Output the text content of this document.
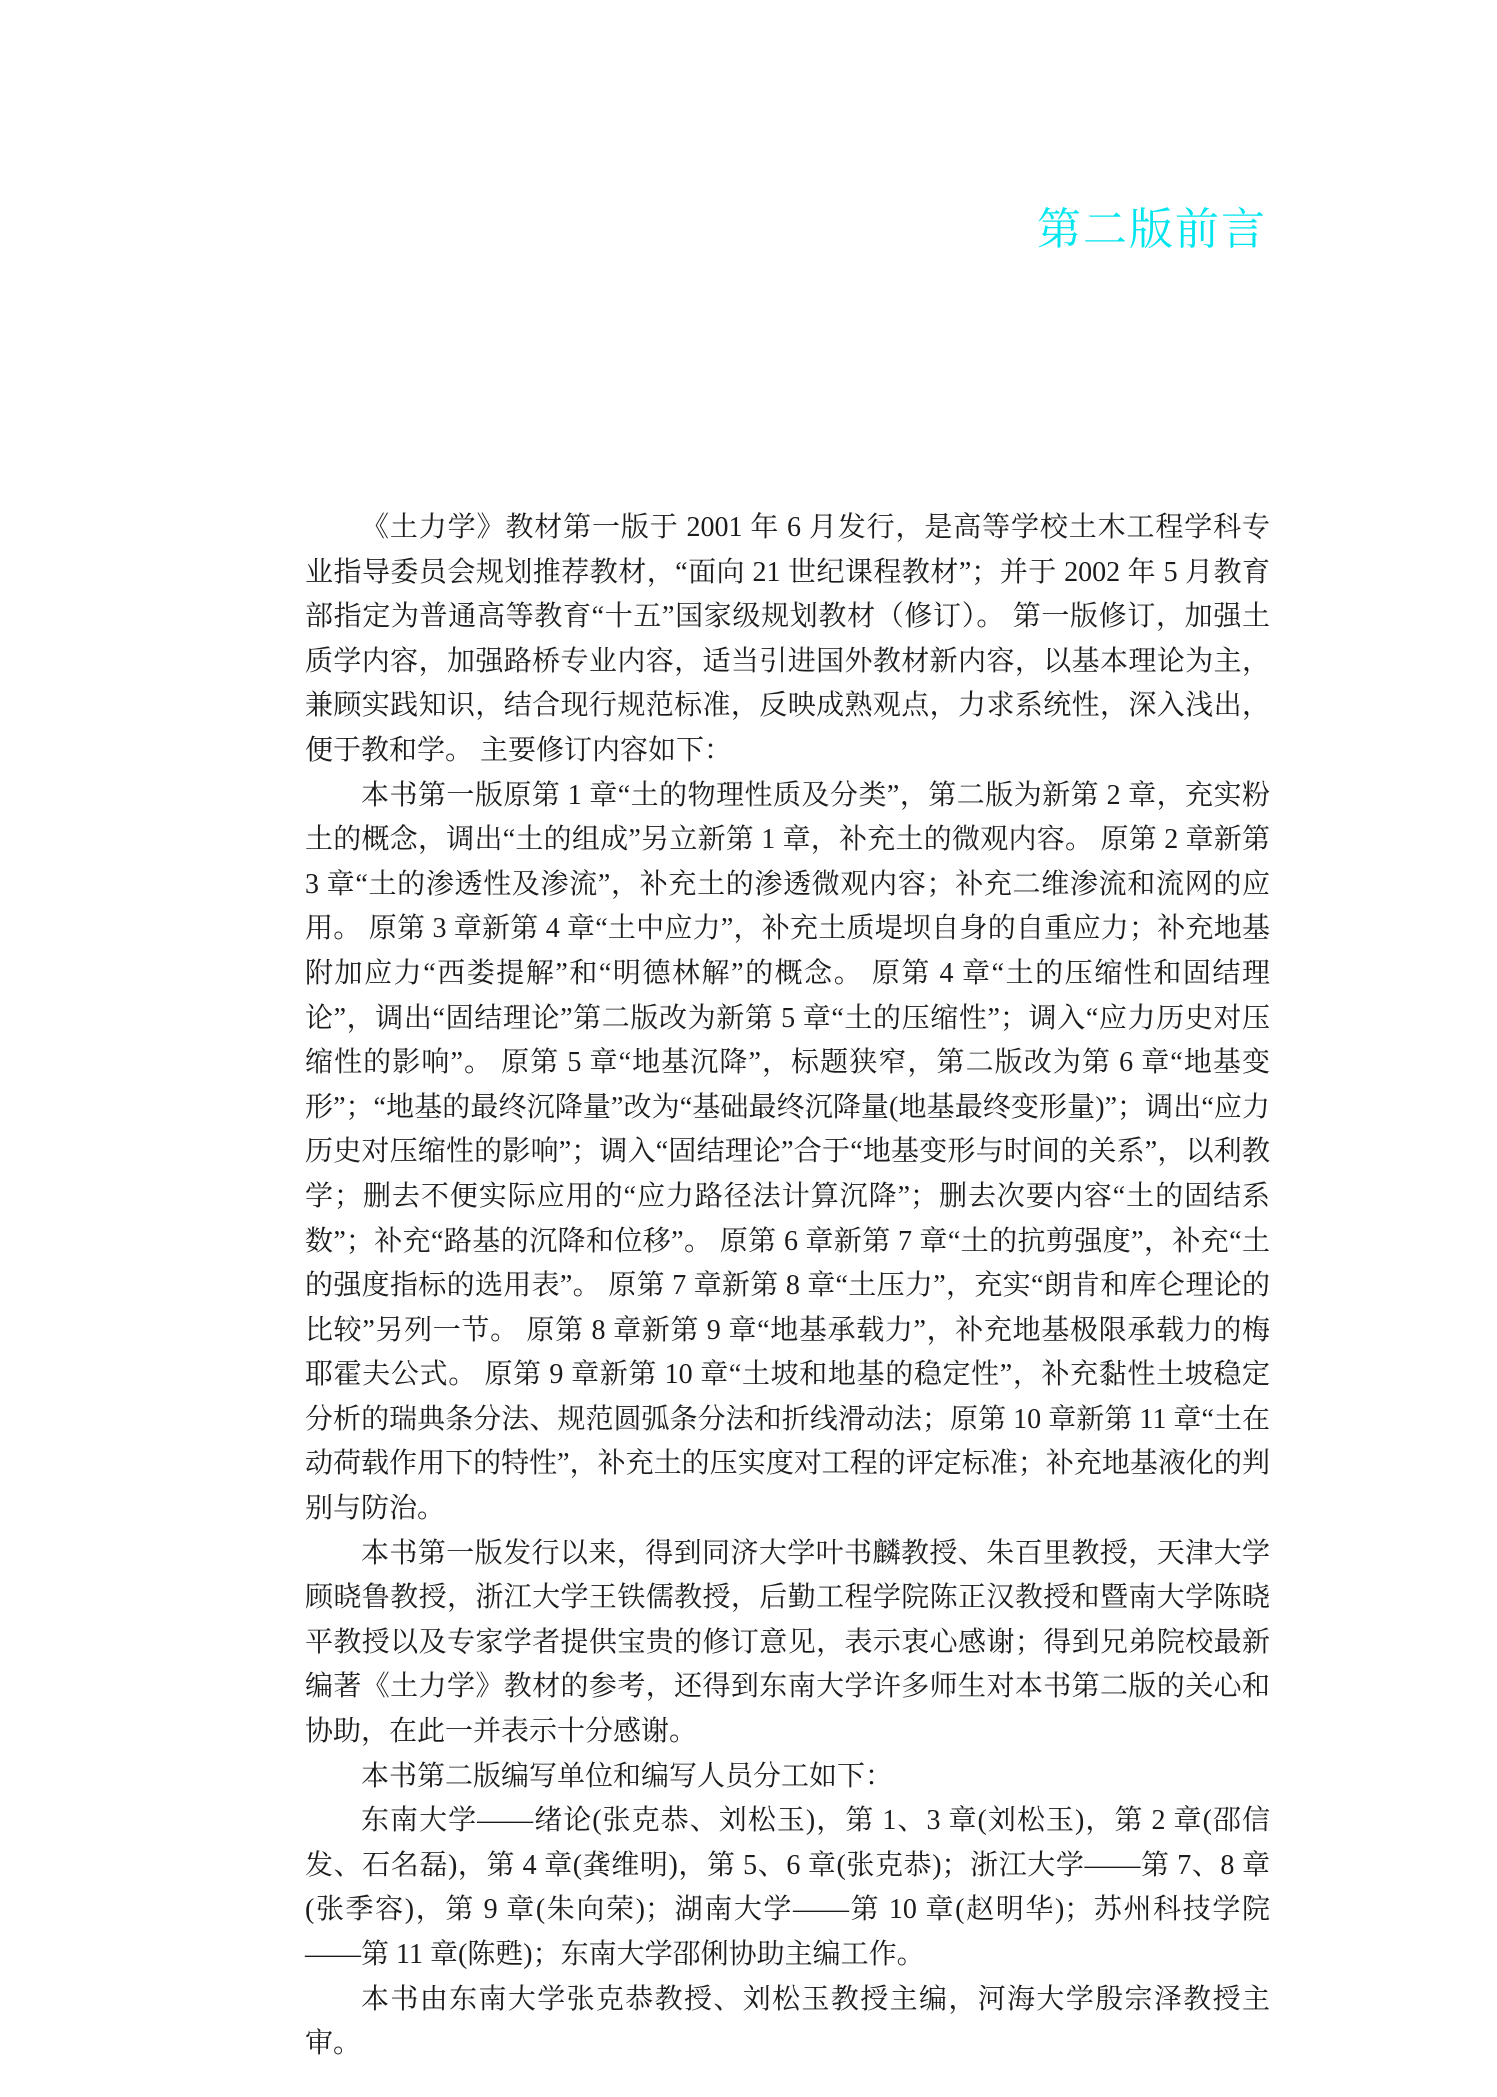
第二版前言

《土力学》教材第一版于 2001 年 6 月发行，是高等学校土木工程学科专业指导委员会规划推荐教材，“面向 21 世纪课程教材”；并于 2002 年 5 月教育部指定为普通高等教育“十五”国家级规划教材（修订）。 第一版修订，加强土质学内容，加强路桥专业内容，适当引进国外教材新内容，以基本理论为主，兼顾实践知识，结合现行规范标准，反映成熟观点，力求系统性，深入浅出，便于教和学。 主要修订内容如下：

本书第一版原第 1 章“土的物理性质及分类”，第二版为新第 2 章，充实粉土的概念，调出“土的组成”另立新第 1 章，补充土的微观内容。 原第 2 章新第 3 章“土的渗透性及渗流”，补充土的渗透微观内容；补充二维渗流和流网的应用。 原第 3 章新第 4 章“土中应力”，补充土质堤坝自身的自重应力；补充地基附加应力“西娄提解”和“明德林解”的概念。 原第 4 章“土的压缩性和固结理论”，调出“固结理论”第二版改为新第 5 章“土的压缩性”；调入“应力历史对压缩性的影响”。 原第 5 章“地基沉降”，标题狭窄，第二版改为第 6 章“地基变形”；“地基的最终沉降量”改为“基础最终沉降量(地基最终变形量)”；调出“应力历史对压缩性的影响”；调入“固结理论”合于“地基变形与时间的关系”，以利教学；删去不便实际应用的“应力路径法计算沉降”；删去次要内容“土的固结系数”；补充“路基的沉降和位移”。 原第 6 章新第 7 章“土的抗剪强度”，补充“土的强度指标的选用表”。 原第 7 章新第 8 章“土压力”，充实“朗肯和库仑理论的比较”另列一节。 原第 8 章新第 9 章“地基承载力”，补充地基极限承载力的梅耶霍夫公式。 原第 9 章新第 10 章“土坡和地基的稳定性”，补充黏性土坡稳定分析的瑞典条分法、规范圆弧条分法和折线滑动法；原第 10 章新第 11 章“土在动荷载作用下的特性”，补充土的压实度对工程的评定标准；补充地基液化的判别与防治。

本书第一版发行以来，得到同济大学叶书麟教授、朱百里教授，天津大学顾晓鲁教授，浙江大学王铁儒教授，后勤工程学院陈正汉教授和暨南大学陈晓平教授以及专家学者提供宝贵的修订意见，表示衷心感谢；得到兄弟院校最新编著《土力学》教材的参考，还得到东南大学许多师生对本书第二版的关心和协助，在此一并表示十分感谢。

本书第二版编写单位和编写人员分工如下：

东南大学——绪论(张克恭、刘松玉)，第 1、3 章(刘松玉)，第 2 章(邵信发、石名磊)，第 4 章(龚维明)，第 5、6 章(张克恭)；浙江大学——第 7、8 章(张季容)，第 9 章(朱向荣)；湖南大学——第 10 章(赵明华)；苏州科技学院——第 11 章(陈甦)；东南大学邵俐协助主编工作。

本书由东南大学张克恭教授、刘松玉教授主编，河海大学殷宗泽教授主审。
